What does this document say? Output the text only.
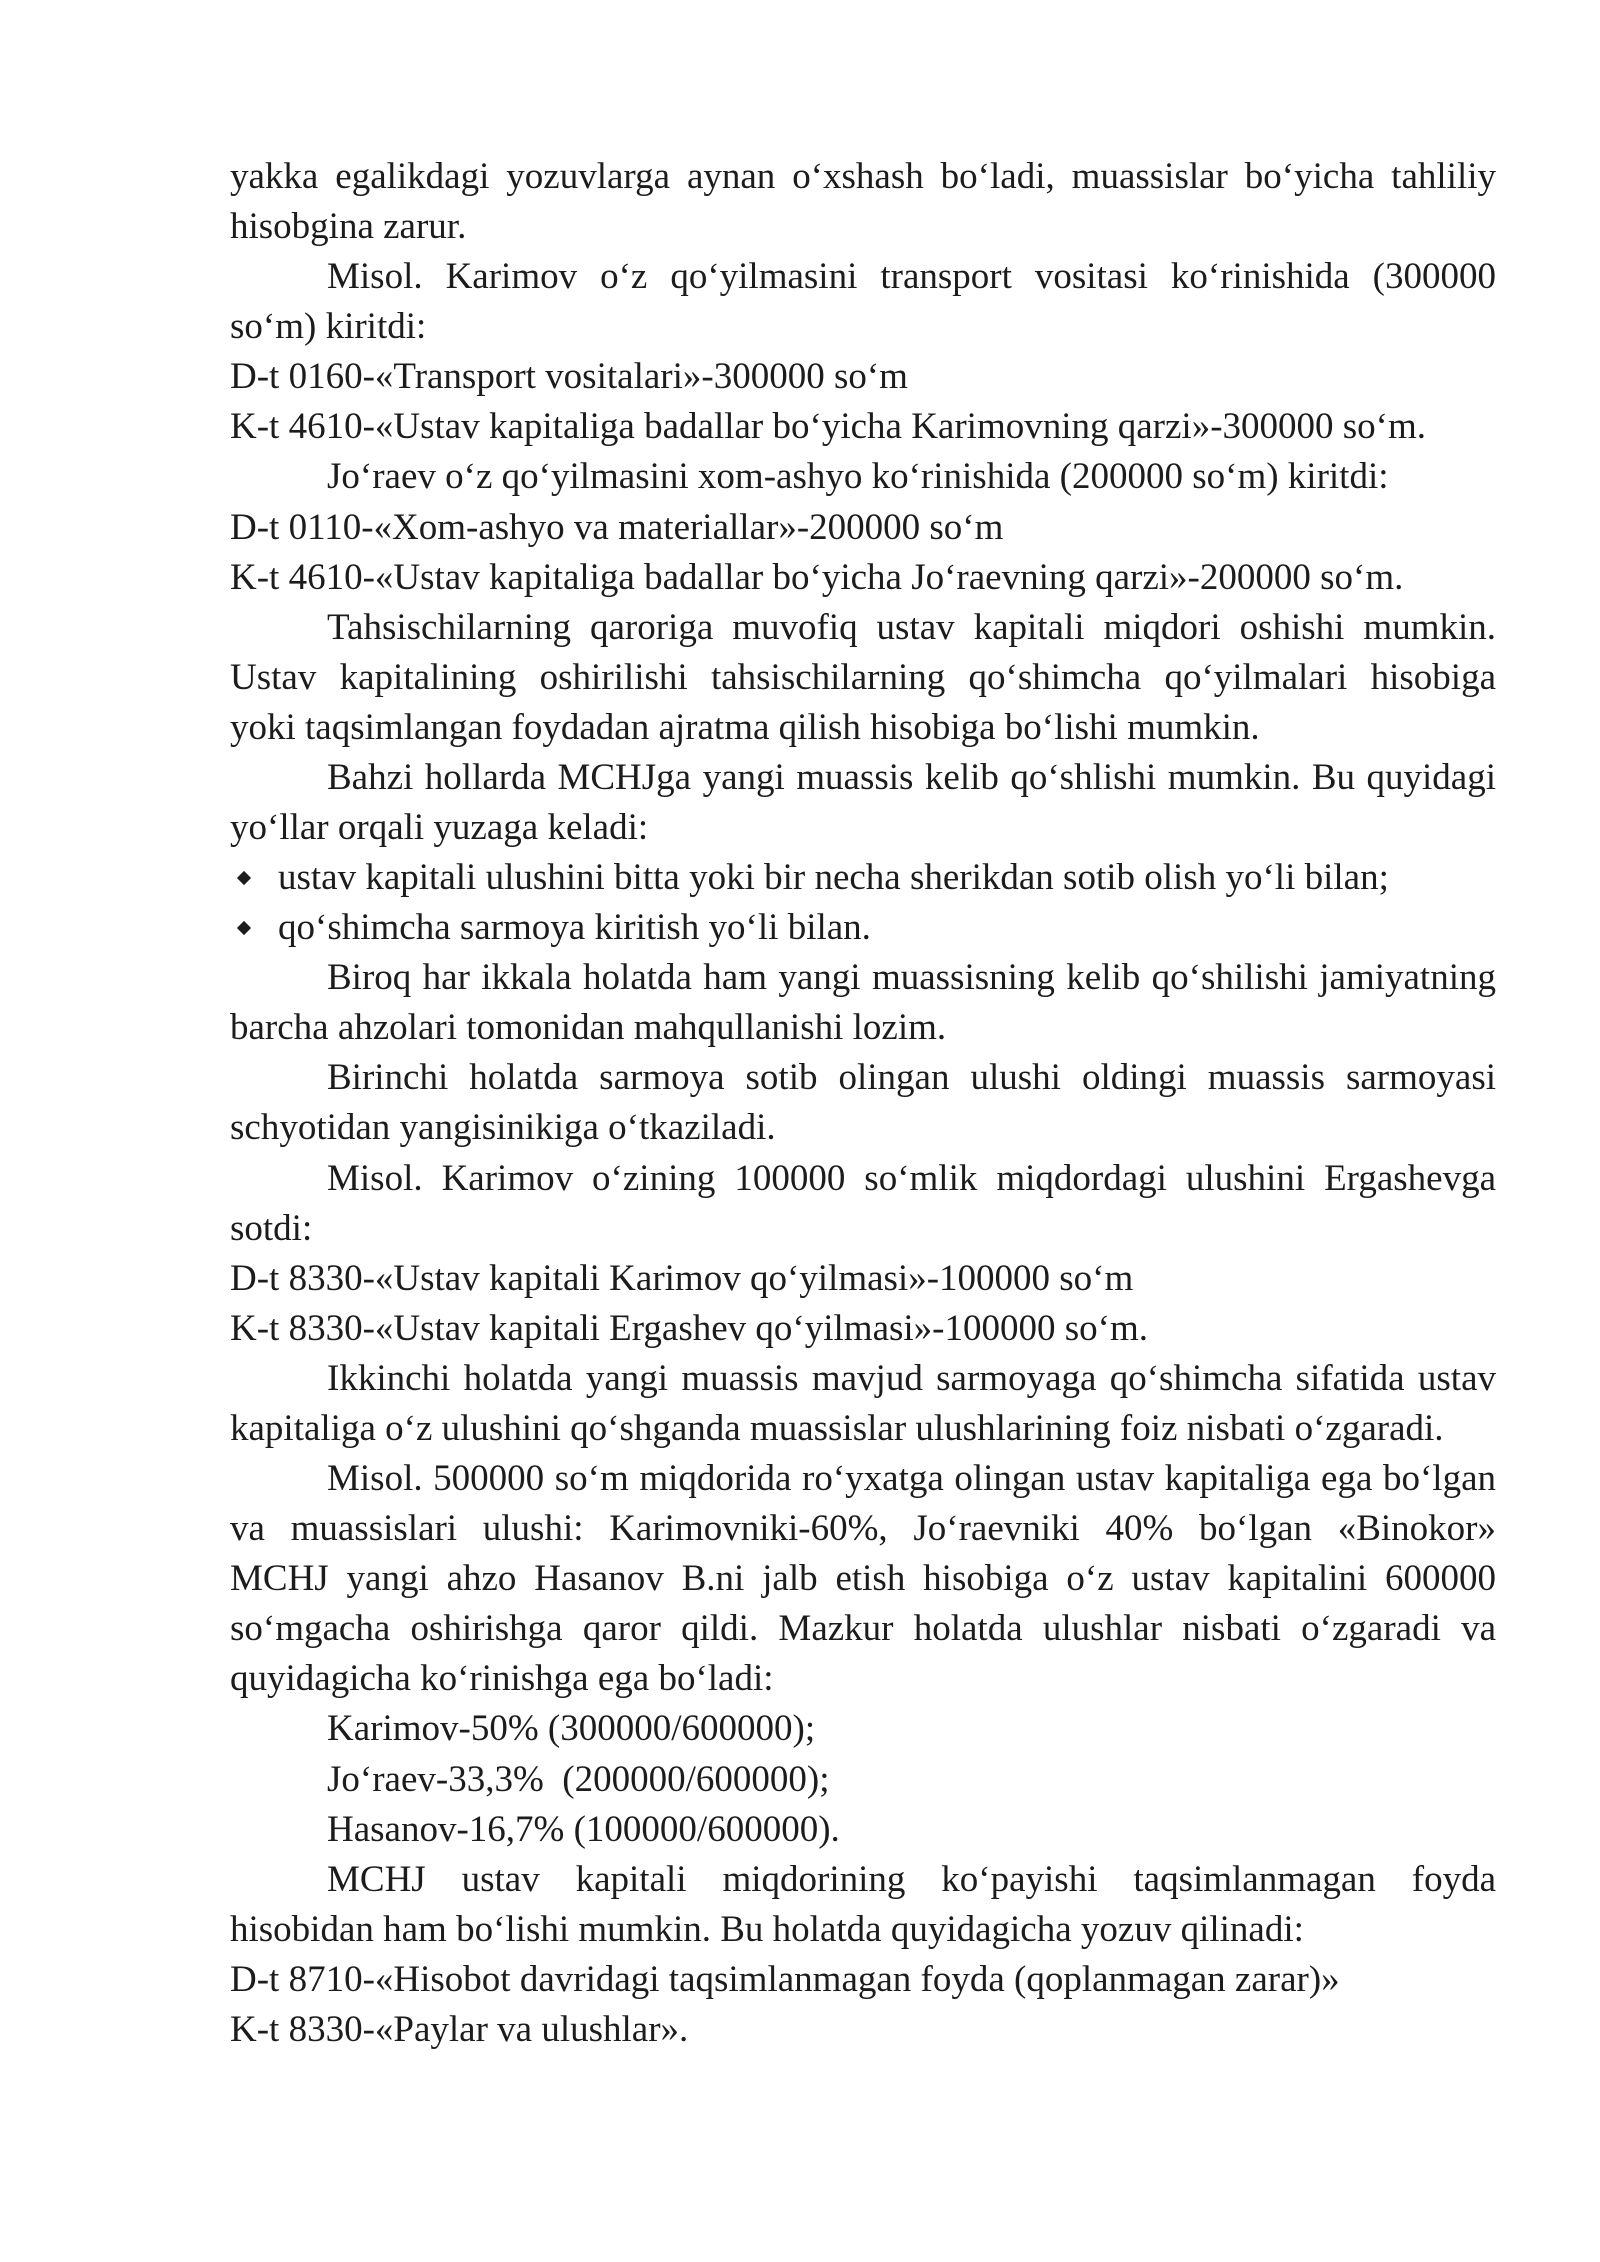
yakka egalikdagi yozuvlarga aynan o‘xshash bo‘ladi, muassislar bo‘yicha tahliliy
hisobgina zarur.
Misol. Karimov o‘z qo‘yilmasini transport vositasi ko‘rinishida (300000
so‘m) kiritdi:
D-t 0160-«Transport vositalari»-300000 so‘m
K-t 4610-«Ustav kapitaliga badallar bo‘yicha Karimovning qarzi»-300000 so‘m.
Jo‘raev o‘z qo‘yilmasini xom-ashyo ko‘rinishida (200000 so‘m) kiritdi:
D-t 0110-«Xom-ashyo va materiallar»-200000 so‘m
K-t 4610-«Ustav kapitaliga badallar bo‘yicha Jo‘raevning qarzi»-200000 so‘m.
Tahsischilarning qaroriga muvofiq ustav kapitali miqdori oshishi mumkin.
Ustav kapitalining oshirilishi tahsischilarning qo‘shimcha qo‘yilmalari hisobiga
yoki taqsimlangan foydadan ajratma qilish hisobiga bo‘lishi mumkin.
Bahzi hollarda MCHJga yangi muassis kelib qo‘shlishi mumkin. Bu quyidagi
yo‘llar orqali yuzaga keladi:
ustav kapitali ulushini bitta yoki bir necha sherikdan sotib olish yo‘li bilan;
qo‘shimcha sarmoya kiritish yo‘li bilan.
Biroq har ikkala holatda ham yangi muassisning kelib qo‘shilishi jamiyatning
barcha ahzolari tomonidan mahqullanishi lozim.
Birinchi holatda sarmoya sotib olingan ulushi oldingi muassis sarmoyasi
schyotidan yangisinikiga o‘tkaziladi.
Misol. Karimov o‘zining 100000 so‘mlik miqdordagi ulushini Ergashevga
sotdi:
D-t 8330-«Ustav kapitali Karimov qo‘yilmasi»-100000 so‘m
K-t 8330-«Ustav kapitali Ergashev qo‘yilmasi»-100000 so‘m.
Ikkinchi holatda yangi muassis mavjud sarmoyaga qo‘shimcha sifatida ustav
kapitaliga o‘z ulushini qo‘shganda muassislar ulushlarining foiz nisbati o‘zgaradi.
Misol. 500000 so‘m miqdorida ro‘yxatga olingan ustav kapitaliga ega bo‘lgan
va muassislari ulushi: Karimovniki-60%, Jo‘raevniki 40% bo‘lgan «Binokor»
MCHJ yangi ahzo Hasanov B.ni jalb etish hisobiga o‘z ustav kapitalini 600000
so‘mgacha oshirishga qaror qildi. Mazkur holatda ulushlar nisbati o‘zgaradi va
quyidagicha ko‘rinishga ega bo‘ladi:
Karimov-50% (300000/600000);
Jo‘raev-33,3%  (200000/600000);
Hasanov-16,7% (100000/600000).
MCHJ ustav kapitali miqdorining ko‘payishi taqsimlanmagan foyda
hisobidan ham bo‘lishi mumkin. Bu holatda quyidagicha yozuv qilinadi:
D-t 8710-«Hisobot davridagi taqsimlanmagan foyda (qoplanmagan zarar)»
K-t 8330-«Paylar va ulushlar».
